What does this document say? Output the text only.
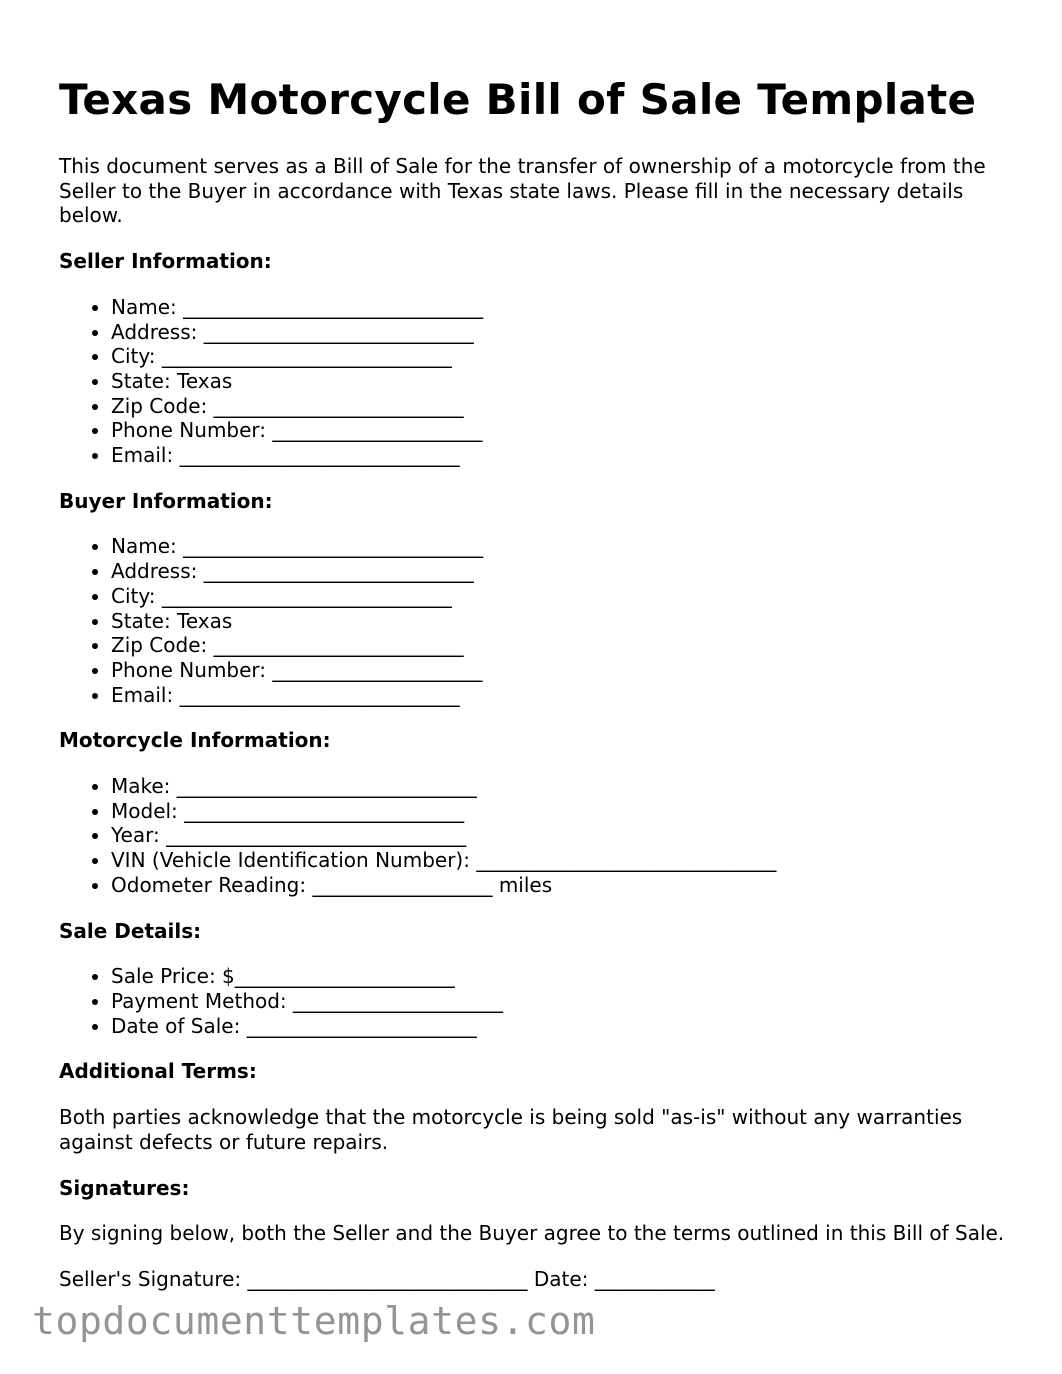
Texas Motorcycle Bill of Sale Template

This document serves as a Bill of Sale for the transfer of ownership of a motorcycle from the Seller to the Buyer in accordance with Texas state laws. Please fill in the necessary details below.

Seller Information:
• Name: ______________________________
• Address: ___________________________
• City: _____________________________
• State: Texas
• Zip Code: _________________________
• Phone Number: _____________________
• Email: ____________________________
Buyer Information:
• Name: ______________________________
• Address: ___________________________
• City: _____________________________
• State: Texas
• Zip Code: _________________________
• Phone Number: _____________________
• Email: ____________________________
Motorcycle Information:
• Make: ______________________________
• Model: ____________________________
• Year: ______________________________
• VIN (Vehicle Identification Number): ______________________________
• Odometer Reading: __________________ miles
Sale Details:
• Sale Price: $______________________
• Payment Method: _____________________
• Date of Sale: _______________________
Additional Terms:

Both parties acknowledge that the motorcycle is being sold "as-is" without any warranties against defects or future repairs.

Signatures:

By signing below, both the Seller and the Buyer agree to the terms outlined in this Bill of Sale.

Seller's Signature: ____________________________ Date: ____________
topdocumenttemplates.com
